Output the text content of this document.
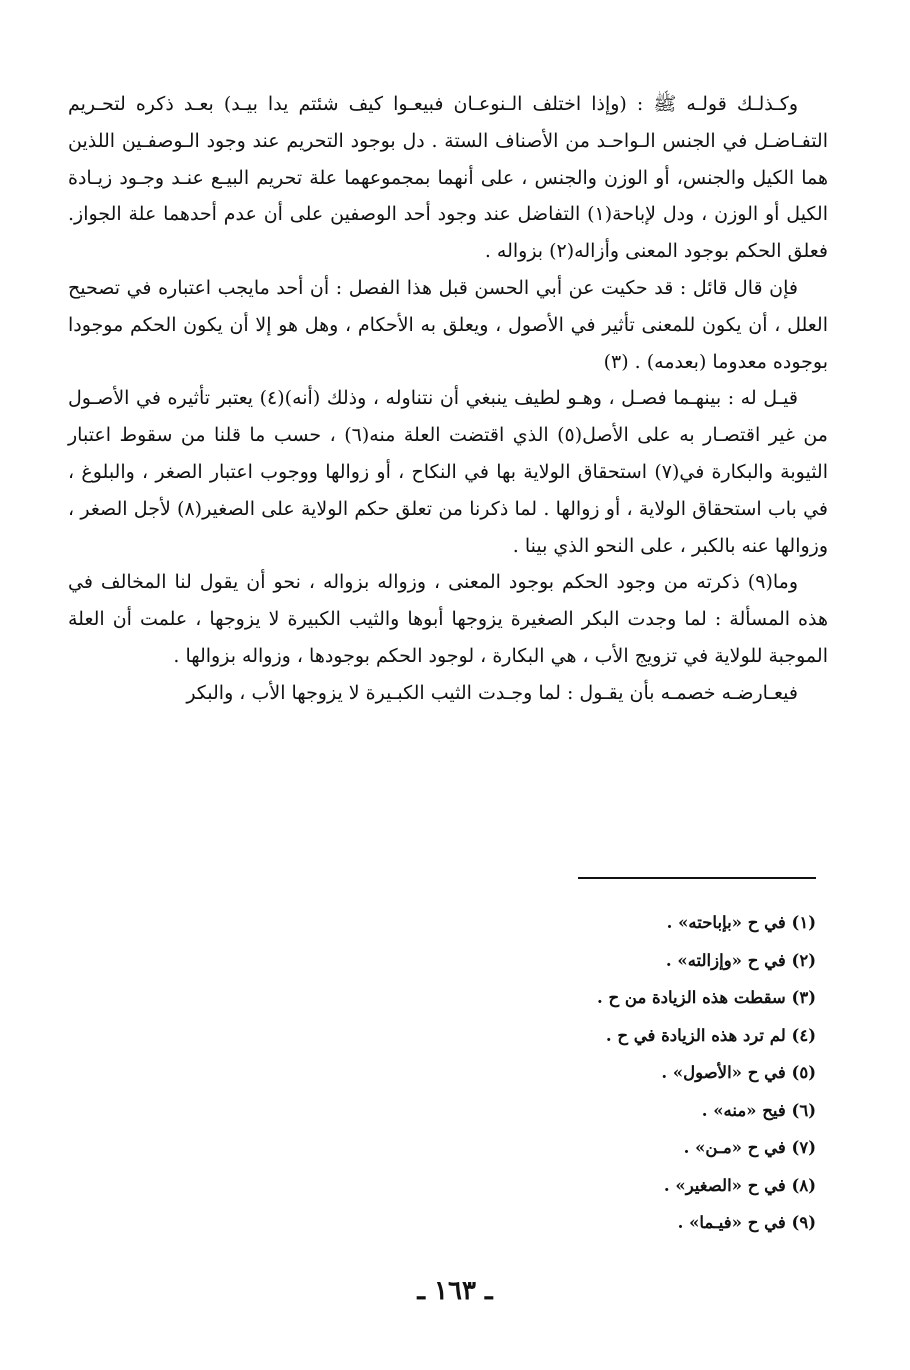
وكـذلـك قولـه ﷺ : (وإذا اختلف الـنوعـان فبيعـوا كيف شئتم يدا بيـد) بعـد ذكره لتحـريم التفـاضـل في الجنس الـواحـد من الأصناف الستة . دل بوجود التحريم عند وجود الـوصفـين اللذين هما الكيل والجنس، أو الوزن والجنس ، على أنهما بمجموعهما علة تحريم البيـع عنـد وجـود زيـادة الكيل أو الوزن ، ودل لإباحة(١) التفاضل عند وجود أحد الوصفين على أن عدم أحدهما علة الجواز. فعلق الحكم بوجود المعنى وأزاله(٢) بزواله .

فإن قال قائل : قد حكيت عن أبي الحسن قبل هذا الفصل : أن أحد مايجب اعتباره في تصحيح العلل ، أن يكون للمعنى تأثير في الأصول ، ويعلق به الأحكام ، وهل هو إلا أن يكون الحكم موجودا بوجوده معدوما (بعدمه) . (٣)

قيـل له : بينهـما فصـل ، وهـو لطيف ينبغي أن نتناوله ، وذلك (أنه)(٤) يعتبر تأثيره في الأصـول من غير اقتصـار به على الأصل(٥) الذي اقتضت العلة منه(٦) ، حسب ما قلنا من سقوط اعتبار الثيوبة والبكارة في(٧) استحقاق الولاية بها في النكاح ، أو زوالها ووجوب اعتبار الصغر ، والبلوغ ، في باب استحقاق الولاية ، أو زوالها . لما ذكرنا من تعلق حكم الولاية على الصغير(٨) لأجل الصغر ، وزوالها عنه بالكبر ، على النحو الذي بينا .

وما(٩) ذكرته من وجود الحكم بوجود المعنى ، وزواله بزواله ، نحو أن يقول لنا المخالف في هذه المسألة : لما وجدت البكر الصغيرة يزوجها أبوها والثيب الكبيرة لا يزوجها ، علمت أن العلة الموجبة للولاية في تزويج الأب ، هي البكارة ، لوجود الحكم بوجودها ، وزواله بزوالها .

فيعـارضـه خصمـه بأن يقـول : لما وجـدت الثيب الكبـيرة لا يزوجها الأب ، والبكر

(١) في ح «بإباحته» .
(٢) في ح «وإزالته» .
(٣) سقطت هذه الزيادة من ح .
(٤) لم ترد هذه الزيادة في ح .
(٥) في ح «الأصول» .
(٦) فيح «منه» .
(٧) في ح «مـن» .
(٨) في ح «الصغير» .
(٩) في ح «فيـما» .
ـ ١٦٣ ـ
